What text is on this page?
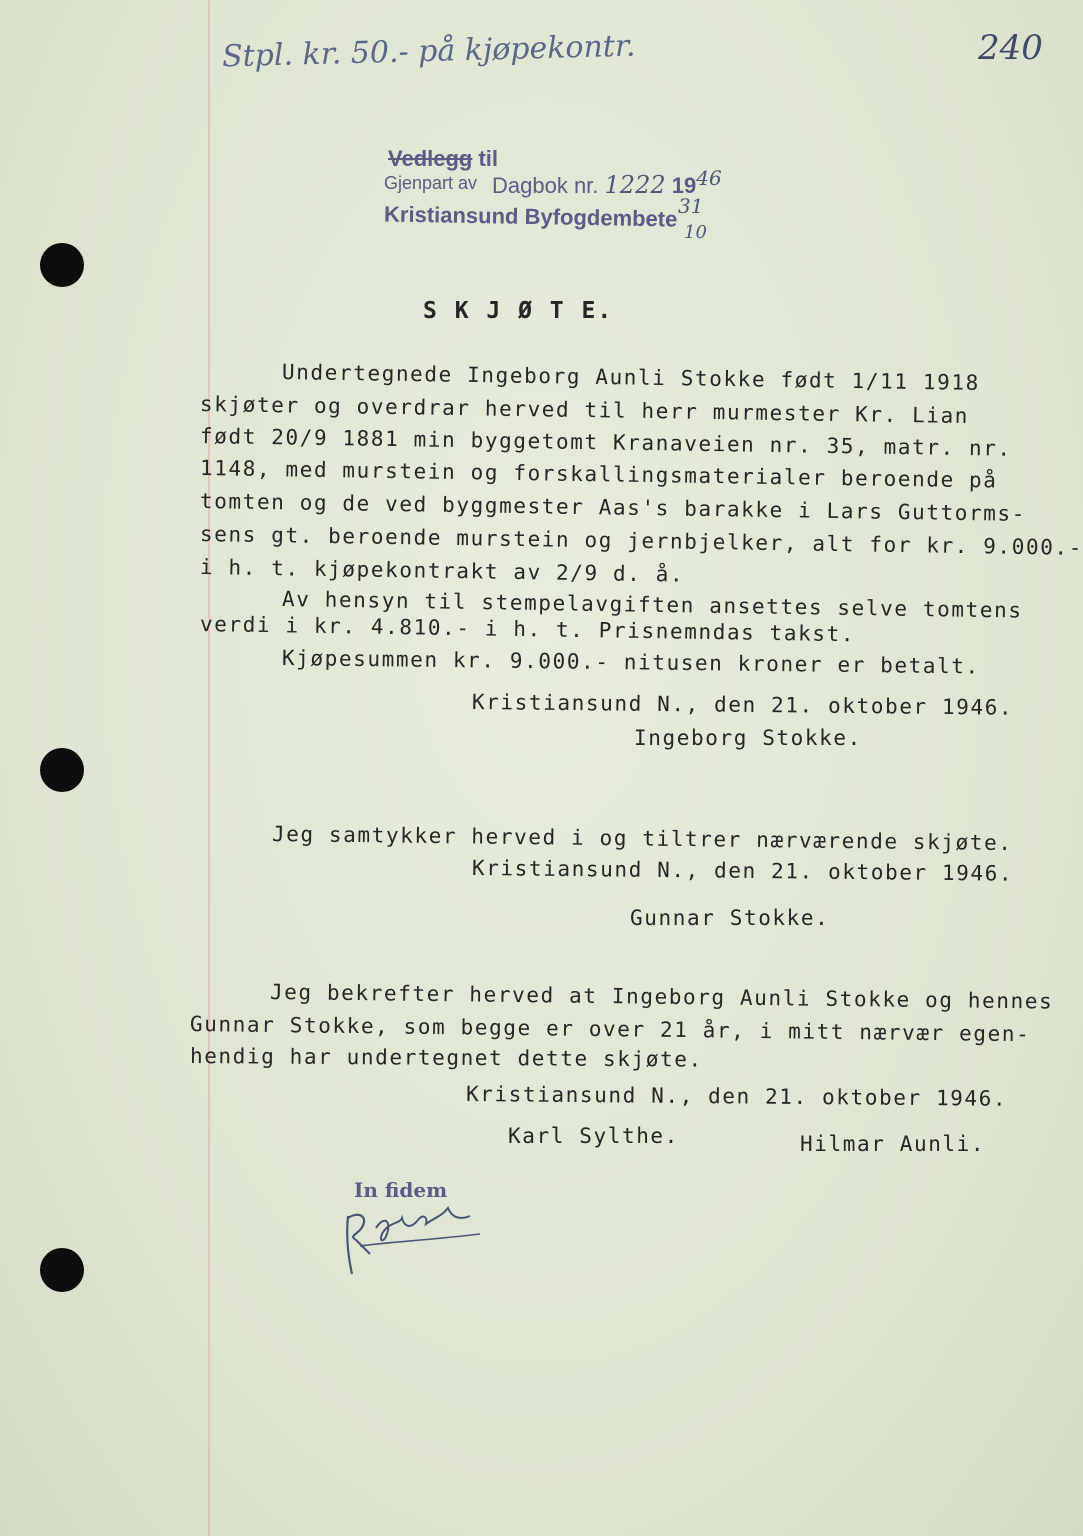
Stpl. kr. 50.- på kjøpekontr.	240
Vedlegg til
Gjenpart av Dagbok nr. 1222 1946
Kristiansund Byfogdembete 31
10
S K J Ø T E.
Undertegnede Ingeborg Aunli Stokke født 1/11 1918
skjøter og overdrar herved til herr murmester Kr. Lian
født 20/9 1881 min byggetomt Kranaveien nr. 35, matr. nr.
1148, med murstein og forskallingsmaterialer beroende på
tomten og de ved byggmester Aas's barakke i Lars Guttorms-
sens gt. beroende murstein og jernbjelker, alt for kr. 9.000.-
i h. t. kjøpekontrakt av 2/9 d. å.
Av hensyn til stempelavgiften ansettes selve tomtens
verdi i kr. 4.810.- i h. t. Prisnemndas takst.
Kjøpesummen kr. 9.000.- nitusen kroner er betalt.
Kristiansund N., den 21. oktober 1946.
Ingeborg Stokke.
Jeg samtykker herved i og tiltrer nærværende skjøte.
Kristiansund N., den 21. oktober 1946.
Gunnar Stokke.
Jeg bekrefter herved at Ingeborg Aunli Stokke og hennes
Gunnar Stokke, som begge er over 21 år, i mitt nærvær egen-
hendig har undertegnet dette skjøte.
Kristiansund N., den 21. oktober 1946.
Karl Sylthe.	Hilmar Aunli.
In fidem
